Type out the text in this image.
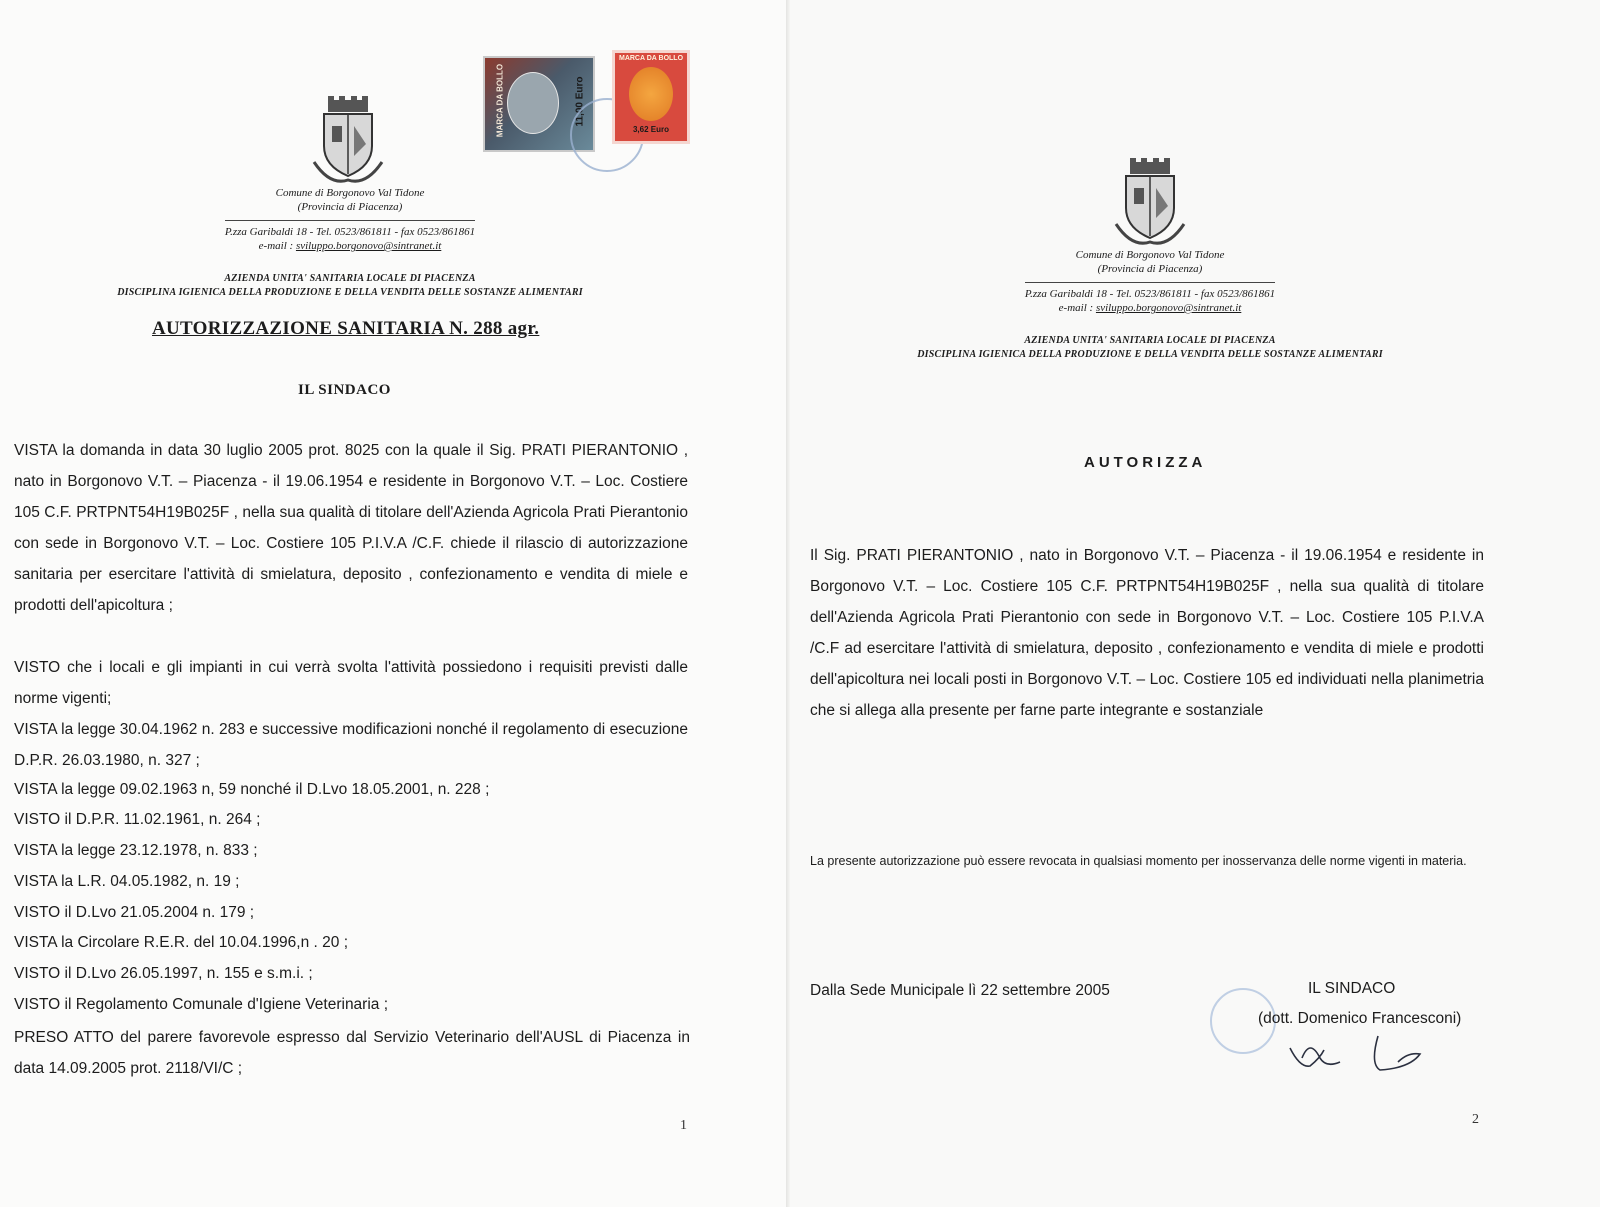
Comune di Borgonovo Val Tidone
(Provincia di Piacenza)
P.zza Garibaldi 18 - Tel. 0523/861811 - fax 0523/861861
e-mail : sviluppo.borgonovo@sintranet.it
MARCA DA BOLLO	11,00 Euro
MARCA DA BOLLO
3,62 Euro
AZIENDA UNITA' SANITARIA LOCALE DI PIACENZA
DISCIPLINA IGIENICA DELLA PRODUZIONE E DELLA VENDITA DELLE SOSTANZE ALIMENTARI
AUTORIZZAZIONE SANITARIA N. 288 agr.
IL SINDACO
VISTA la domanda in data 30 luglio 2005 prot. 8025 con la quale il Sig. PRATI PIERANTONIO , nato in Borgonovo V.T. – Piacenza - il 19.06.1954 e residente in Borgonovo V.T. – Loc. Costiere 105 C.F. PRTPNT54H19B025F , nella sua qualità di titolare dell'Azienda Agricola Prati Pierantonio con sede in Borgonovo V.T. – Loc. Costiere 105 P.I.V.A /C.F. chiede il rilascio di autorizzazione sanitaria per esercitare l'attività di smielatura, deposito , confezionamento e vendita di miele e prodotti dell'apicoltura ;
VISTO che i locali e gli impianti in cui verrà svolta l'attività possiedono i requisiti previsti dalle norme vigenti;
VISTA la legge 30.04.1962 n. 283 e successive modificazioni nonché il regolamento di esecuzione D.P.R. 26.03.1980, n. 327 ;
VISTA la legge 09.02.1963 n, 59 nonché il D.Lvo 18.05.2001, n. 228 ;
VISTO il D.P.R. 11.02.1961, n. 264 ;
VISTA la legge 23.12.1978, n. 833 ;
VISTA la L.R. 04.05.1982, n. 19 ;
VISTO il D.Lvo 21.05.2004 n. 179 ;
VISTA la Circolare R.E.R. del 10.04.1996,n . 20 ;
VISTO il D.Lvo 26.05.1997, n. 155 e s.m.i. ;
VISTO il Regolamento Comunale d'Igiene Veterinaria ;
PRESO ATTO del parere favorevole espresso dal Servizio Veterinario dell'AUSL di Piacenza in data 14.09.2005 prot. 2118/VI/C ;
1
Comune di Borgonovo Val Tidone
(Provincia di Piacenza)
P.zza Garibaldi 18 - Tel. 0523/861811 - fax 0523/861861
e-mail : sviluppo.borgonovo@sintranet.it
AZIENDA UNITA' SANITARIA LOCALE DI PIACENZA
DISCIPLINA IGIENICA DELLA PRODUZIONE E DELLA VENDITA DELLE SOSTANZE ALIMENTARI
AUTORIZZA
Il Sig. PRATI PIERANTONIO , nato in Borgonovo V.T. – Piacenza - il 19.06.1954 e residente in Borgonovo V.T. – Loc. Costiere 105 C.F. PRTPNT54H19B025F , nella sua qualità di titolare dell'Azienda Agricola Prati Pierantonio con sede in Borgonovo V.T. – Loc. Costiere 105 P.I.V.A /C.F ad esercitare l'attività di smielatura, deposito , confezionamento e vendita di miele e prodotti dell'apicoltura nei locali posti in Borgonovo V.T. – Loc. Costiere 105 ed individuati nella planimetria che si allega alla presente per farne parte integrante e sostanziale
La presente autorizzazione può essere revocata in qualsiasi momento per inosservanza delle norme vigenti in materia.
Dalla Sede Municipale lì 22 settembre 2005	IL SINDACO
(dott. Domenico Francesconi)
2
